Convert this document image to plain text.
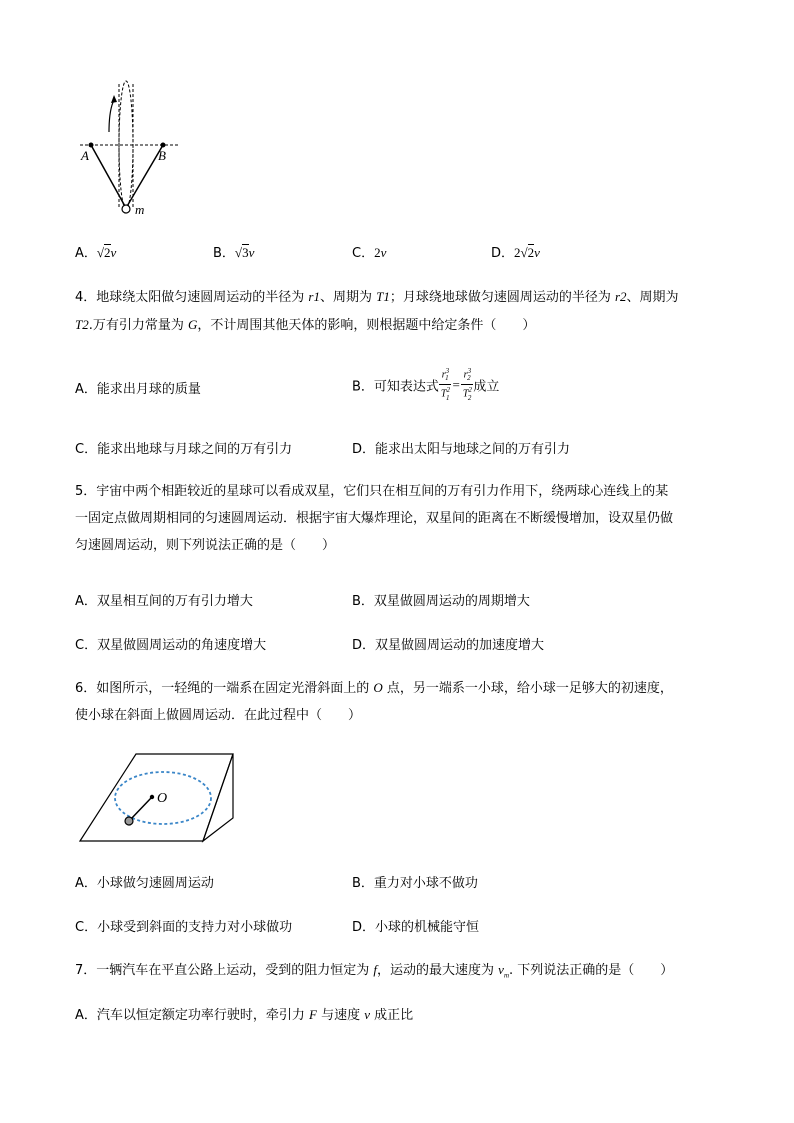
A	B
m
A．√2v	B．√3v	C．2v	D．2√2v
4．地球绕太阳做匀速圆周运动的半径为 r1、周期为 T1；月球绕地球做匀速圆周运动的半径为 r2、周期为
T2.万有引力常量为 G，不计周围其他天体的影响，则根据题中给定条件（　　）
A．能求出月球的质量	B．可知表达式 $\frac{r^3_1}{T^2_1} = \frac{r^3_2}{T^2_2}$ 成立
C．能求出地球与月球之间的万有引力	D．能求出太阳与地球之间的万有引力
5．宇宙中两个相距较近的星球可以看成双星，它们只在相互间的万有引力作用下，绕两球心连线上的某
一固定点做周期相同的匀速圆周运动．根据宇宙大爆炸理论，双星间的距离在不断缓慢增加，设双星仍做
匀速圆周运动，则下列说法正确的是（　　）
A．双星相互间的万有引力增大	B．双星做圆周运动的周期增大
C．双星做圆周运动的角速度增大	D．双星做圆周运动的加速度增大
6．如图所示，一轻绳的一端系在固定光滑斜面上的 O 点，另一端系一小球，给小球一足够大的初速度，
使小球在斜面上做圆周运动．在此过程中（　　）
O
A．小球做匀速圆周运动	B．重力对小球不做功
C．小球受到斜面的支持力对小球做功	D．小球的机械能守恒
7．一辆汽车在平直公路上运动，受到的阻力恒定为 f，运动的最大速度为 $v_m$. 下列说法正确的是（　　）
A．汽车以恒定额定功率行驶时，牵引力 F 与速度 v 成正比
